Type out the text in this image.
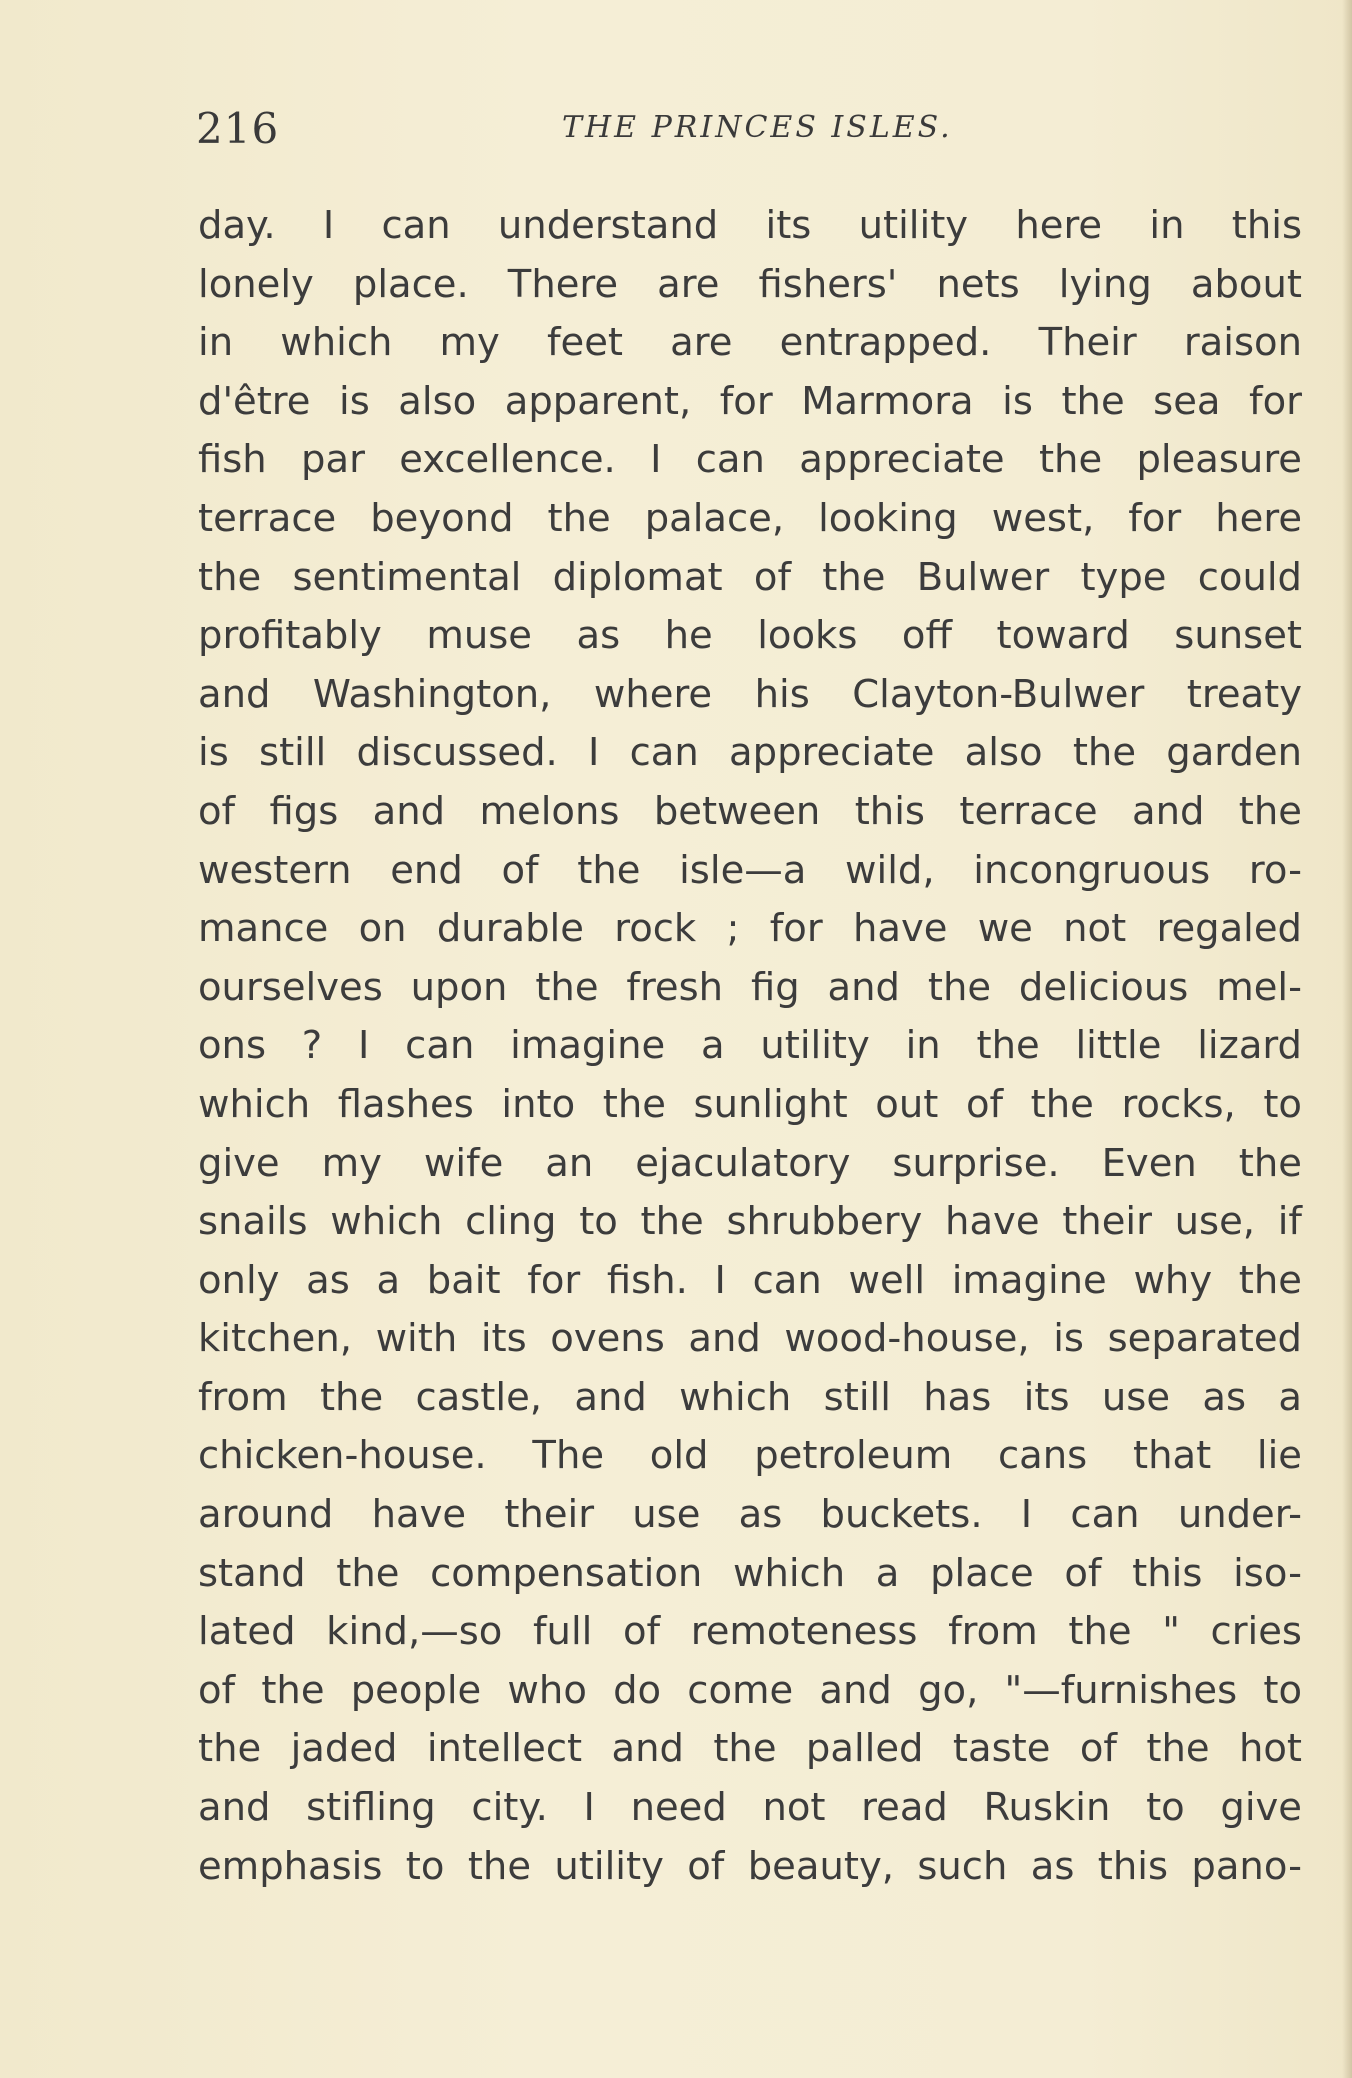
216	THE PRINCES ISLES.
day. I can understand its utility here in this
lonely place. There are fishers' nets lying about
in which my feet are entrapped. Their raison
d'être is also apparent, for Marmora is the sea for
fish par excellence. I can appreciate the pleasure
terrace beyond the palace, looking west, for here
the sentimental diplomat of the Bulwer type could
profitably muse as he looks off toward sunset
and Washington, where his Clayton-Bulwer treaty
is still discussed. I can appreciate also the garden
of figs and melons between this terrace and the
western end of the isle—a wild, incongruous ro-
mance on durable rock ; for have we not regaled
ourselves upon the fresh fig and the delicious mel-
ons ? I can imagine a utility in the little lizard
which flashes into the sunlight out of the rocks, to
give my wife an ejaculatory surprise. Even the
snails which cling to the shrubbery have their use, if
only as a bait for fish. I can well imagine why the
kitchen, with its ovens and wood-house, is separated
from the castle, and which still has its use as a
chicken-house. The old petroleum cans that lie
around have their use as buckets. I can under-
stand the compensation which a place of this iso-
lated kind,—so full of remoteness from the " cries
of the people who do come and go, "—furnishes to
the jaded intellect and the palled taste of the hot
and stifling city. I need not read Ruskin to give
emphasis to the utility of beauty, such as this pano-
